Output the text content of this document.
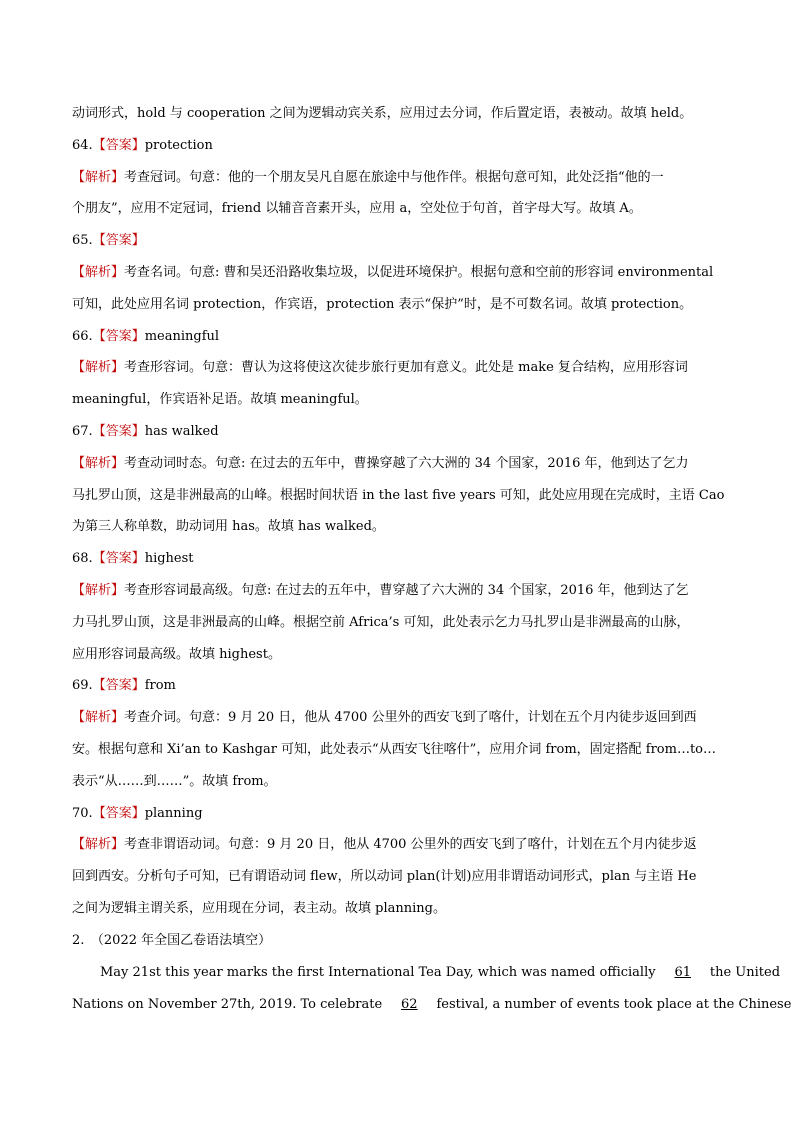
动词形式，hold 与 cooperation 之间为逻辑动宾关系，应用过去分词，作后置定语，表被动。故填 held。
64.【答案】protection
【解析】考查冠词。句意：他的一个朋友吴凡自愿在旅途中与他作伴。根据句意可知，此处泛指“他的一
个朋友”，应用不定冠词，friend 以辅音音素开头，应用 a，空处位于句首，首字母大写。故填 A。
65.【答案】
【解析】考查名词。句意: 曹和吴还沿路收集垃圾，以促进环境保护。根据句意和空前的形容词 environmental
可知，此处应用名词 protection，作宾语，protection 表示“保护”时，是不可数名词。故填 protection。
66.【答案】meaningful
【解析】考查形容词。句意：曹认为这将使这次徒步旅行更加有意义。此处是 make 复合结构，应用形容词
meaningful，作宾语补足语。故填 meaningful。
67.【答案】has walked
【解析】考查动词时态。句意: 在过去的五年中，曹操穿越了六大洲的 34 个国家，2016 年，他到达了乞力
马扎罗山顶，这是非洲最高的山峰。根据时间状语 in the last five years 可知，此处应用现在完成时，主语 Cao
为第三人称单数，助动词用 has。故填 has walked。
68.【答案】highest
【解析】考查形容词最高级。句意: 在过去的五年中，曹穿越了六大洲的 34 个国家，2016 年，他到达了乞
力马扎罗山顶，这是非洲最高的山峰。根据空前 Africa’s 可知，此处表示乞力马扎罗山是非洲最高的山脉，
应用形容词最高级。故填 highest。
69.【答案】from
【解析】考查介词。句意：9 月 20 日，他从 4700 公里外的西安飞到了喀什，计划在五个月内徒步返回到西
安。根据句意和 Xi’an to Kashgar 可知，此处表示“从西安飞往喀什”，应用介词 from，固定搭配 from…to…
表示“从……到……”。故填 from。
70.【答案】planning
【解析】考查非谓语动词。句意：9 月 20 日，他从 4700 公里外的西安飞到了喀什，计划在五个月内徒步返
回到西安。分析句子可知，已有谓语动词 flew，所以动词 plan(计划)应用非谓语动词形式，plan 与主语 He
之间为逻辑主谓关系，应用现在分词，表主动。故填 planning。
2.　（2022 年全国乙卷语法填空）
May 21st this year marks the first International Tea Day, which was named officially 61 the United
Nations on November 27th, 2019. To celebrate 62 festival, a number of events took place at the Chinese
